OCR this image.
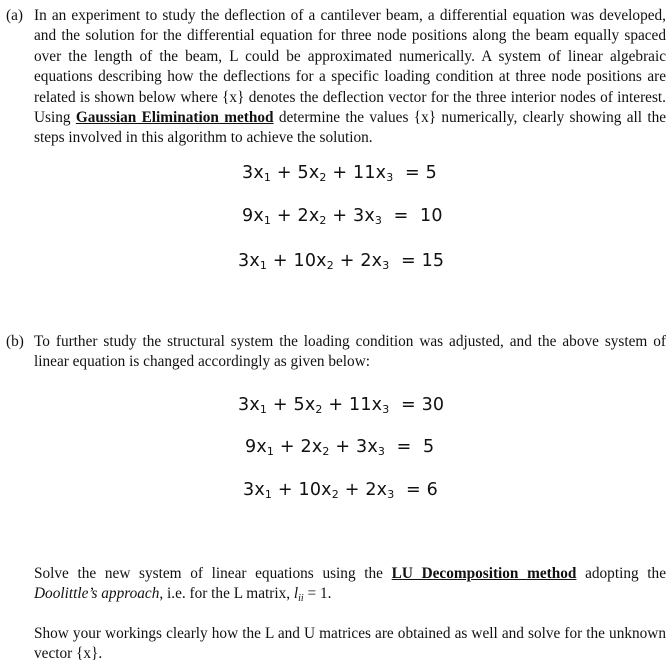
(a) In an experiment to study the deflection of a cantilever beam, a differential equation was developed, and the solution for the differential equation for three node positions along the beam equally spaced over the length of the beam, L could be approximated numerically. A system of linear algebraic equations describing how the deflections for a specific loading condition at three node positions are related is shown below where {x} denotes the deflection vector for the three interior nodes of interest. Using Gaussian Elimination method determine the values {x} numerically, clearly showing all the steps involved in this algorithm to achieve the solution.

$3x_1 + 5x_2 + 11x_3 = 5$
$9x_1 + 2x_2 + 3x_3 = 10$
$3x_1 + 10x_2 + 2x_3 = 15$
(b) To further study the structural system the loading condition was adjusted, and the above system of linear equation is changed accordingly as given below:

$3x_1 + 5x_2 + 11x_3 = 30$
$9x_1 + 2x_2 + 3x_3 = 5$
$3x_1 + 10x_2 + 2x_3 = 6$

Solve the new system of linear equations using the LU Decomposition method adopting the Doolittle’s approach, i.e. for the L matrix, lii = 1.

Show your workings clearly how the L and U matrices are obtained as well and solve for the unknown vector {x}.
